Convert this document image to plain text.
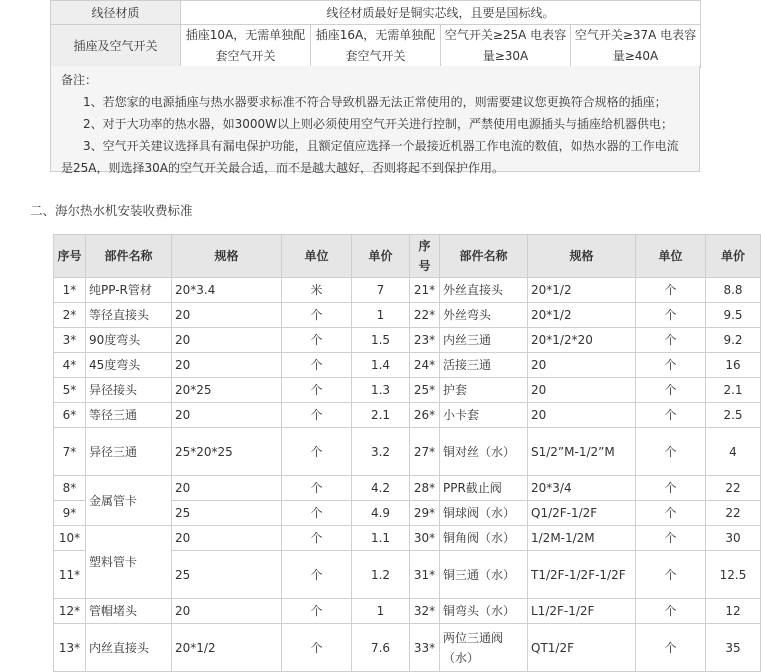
线径材质	线径材质最好是铜实芯线，且要是国标线。			
插座及空气开关	插座10A，无需单独配套空气开关	插座16A，无需单独配套空气开关	空气开关≥25A 电表容量≥30A	空气开关≥37A 电表容量≥40A

备注：

1、若您家的电源插座与热水器要求标准不符合导致机器无法正常使用的，则需要建议您更换符合规格的插座；

2、对于大功率的热水器，如3000W以上则必须使用空气开关进行控制，严禁使用电源插头与插座给机器供电；

3、空气开关建议选择具有漏电保护功能，且额定值应选择一个最接近机器工作电流的数值，如热水器的工作电流是25A，则选择30A的空气开关最合适，而不是越大越好，否则将起不到保护作用。

二、海尔热水机安装收费标准
序号	部件名称	规格	单位	单价	序号	部件名称	规格	单位	单价
1*	纯PP-R管材	20*3.4	米	7	21*	外丝直接头	20*1/2	个	8.8
2*	等径直接头	20	个	1	22*	外丝弯头	20*1/2	个	9.5
3*	90度弯头	20	个	1.5	23*	内丝三通	20*1/2*20	个	9.2
4*	45度弯头	20	个	1.4	24*	活接三通	20	个	16
5*	异径接头	20*25	个	1.3	25*	护套	20	个	2.1
6*	等径三通	20	个	2.1	26*	小卡套	20	个	2.5
7*	异径三通	25*20*25	个	3.2	27*	铜对丝（水）	S1/2”M-1/2”M	个	4
8*	金属管卡	20	个	4.2	28*	PPR截止阀	20*3/4	个	22
9*		25	个	4.9	29*	铜球阀（水）	Q1/2F-1/2F	个	22
10*	塑料管卡	20	个	1.1	30*	铜角阀（水）	1/2M-1/2M	个	30
11*		25	个	1.2	31*	铜三通（水）	T1/2F-1/2F-1/2F	个	12.5
12*	管帽堵头	20	个	1	32*	铜弯头（水）	L1/2F-1/2F	个	12
13*	内丝直接头	20*1/2	个	7.6	33*	两位三通阀（水）	QT1/2F	个	35
